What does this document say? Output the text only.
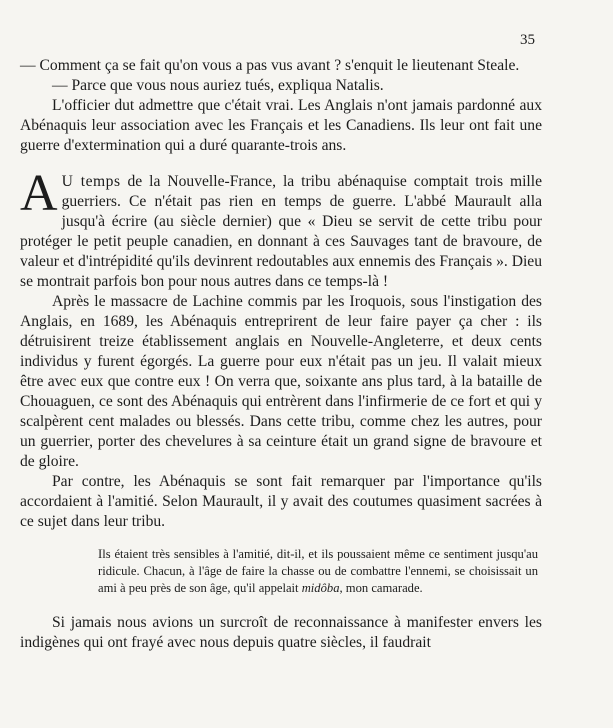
35

— Comment ça se fait qu'on vous a pas vus avant ? s'enquit le lieutenant Steale.

— Parce que vous nous auriez tués, expliqua Natalis.

L'officier dut admettre que c'était vrai. Les Anglais n'ont jamais pardonné aux Abénaquis leur association avec les Français et les Canadiens. Ils leur ont fait une guerre d'extermination qui a duré quarante-trois ans.

A U temps de la Nouvelle-France, la tribu abénaquise comptait trois mille guerriers. Ce n'était pas rien en temps de guerre. L'abbé Maurault alla jusqu'à écrire (au siècle dernier) que « Dieu se servit de cette tribu pour protéger le petit peuple canadien, en donnant à ces Sauvages tant de bravoure, de valeur et d'intrépidité qu'ils devinrent redoutables aux ennemis des Français ». Dieu se montrait parfois bon pour nous autres dans ce temps-là !

Après le massacre de Lachine commis par les Iroquois, sous l'instigation des Anglais, en 1689, les Abénaquis entreprirent de leur faire payer ça cher : ils détruisirent treize établissement anglais en Nouvelle-Angleterre, et deux cents individus y furent égorgés. La guerre pour eux n'était pas un jeu. Il valait mieux être avec eux que contre eux ! On verra que, soixante ans plus tard, à la bataille de Chouaguen, ce sont des Abénaquis qui entrèrent dans l'infirmerie de ce fort et qui y scalpèrent cent malades ou blessés. Dans cette tribu, comme chez les autres, pour un guerrier, porter des chevelures à sa ceinture était un grand signe de bravoure et de gloire.

Par contre, les Abénaquis se sont fait remarquer par l'importance qu'ils accordaient à l'amitié. Selon Maurault, il y avait des coutumes quasiment sacrées à ce sujet dans leur tribu.

Ils étaient très sensibles à l'amitié, dit-il, et ils poussaient même ce sentiment jusqu'au ridicule. Chacun, à l'âge de faire la chasse ou de combattre l'ennemi, se choisissait un ami à peu près de son âge, qu'il appelait midôba, mon camarade.

Si jamais nous avions un surcroît de reconnaissance à manifester envers les indigènes qui ont frayé avec nous depuis quatre siècles, il faudrait
